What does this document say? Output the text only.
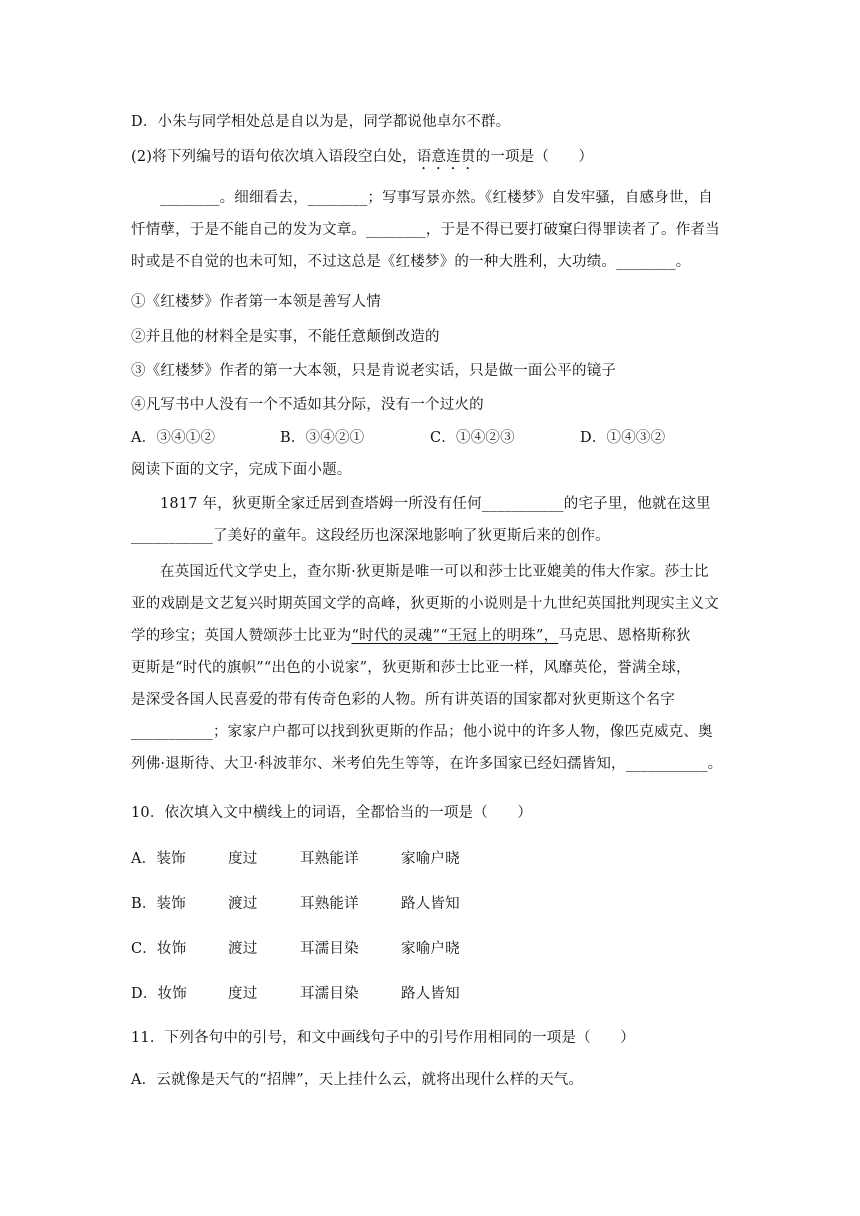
D．小朱与同学相处总是自以为是，同学都说他卓尔不群。
(2)将下列编号的语句依次填入语段空白处，语意连贯的一项是（　　）
________。细细看去，________；写事写景亦然。《红楼梦》自发牢骚，自感身世，自
忏情孽，于是不能自己的发为文章。________，于是不得已要打破窠臼得罪读者了。作者当
时或是不自觉的也未可知，不过这总是《红楼梦》的一种大胜利，大功绩。________。
①《红楼梦》作者第一本领是善写人情
②并且他的材料全是实事，不能任意颠倒改造的
③《红楼梦》作者的第一大本领，只是肯说老实话，只是做一面公平的镜子
④凡写书中人没有一个不适如其分际，没有一个过火的
A．③④①②	B．③④②①	C．①④②③	D．①④③②
阅读下面的文字，完成下面小题。
1817 年，狄更斯全家迁居到查塔姆一所没有任何___________的宅子里，他就在这里
___________了美好的童年。这段经历也深深地影响了狄更斯后来的创作。
在英国近代文学史上，查尔斯·狄更斯是唯一可以和莎士比亚媲美的伟大作家。莎士比
亚的戏剧是文艺复兴时期英国文学的高峰，狄更斯的小说则是十九世纪英国批判现实主义文
学的珍宝；英国人赞颂莎士比亚为“时代的灵魂”“王冠上的明珠”，马克思、恩格斯称狄
更斯是“时代的旗帜”“出色的小说家”，狄更斯和莎士比亚一样，风靡英伦，誉满全球，
是深受各国人民喜爱的带有传奇色彩的人物。所有讲英语的国家都对狄更斯这个名字
___________；家家户户都可以找到狄更斯的作品；他小说中的许多人物，像匹克威克、奥
列佛·退斯待、大卫·科波菲尔、米考伯先生等等，在许多国家已经妇孺皆知，___________。
10．依次填入文中横线上的词语，全都恰当的一项是（　　）
A．装饰	度过	耳熟能详	家喻户晓
B．装饰	渡过	耳熟能详	路人皆知
C．妆饰	渡过	耳濡目染	家喻户晓
D．妆饰	度过	耳濡目染	路人皆知
11．下列各句中的引号，和文中画线句子中的引号作用相同的一项是（　　）
A．云就像是天气的“招牌”，天上挂什么云，就将出现什么样的天气。
